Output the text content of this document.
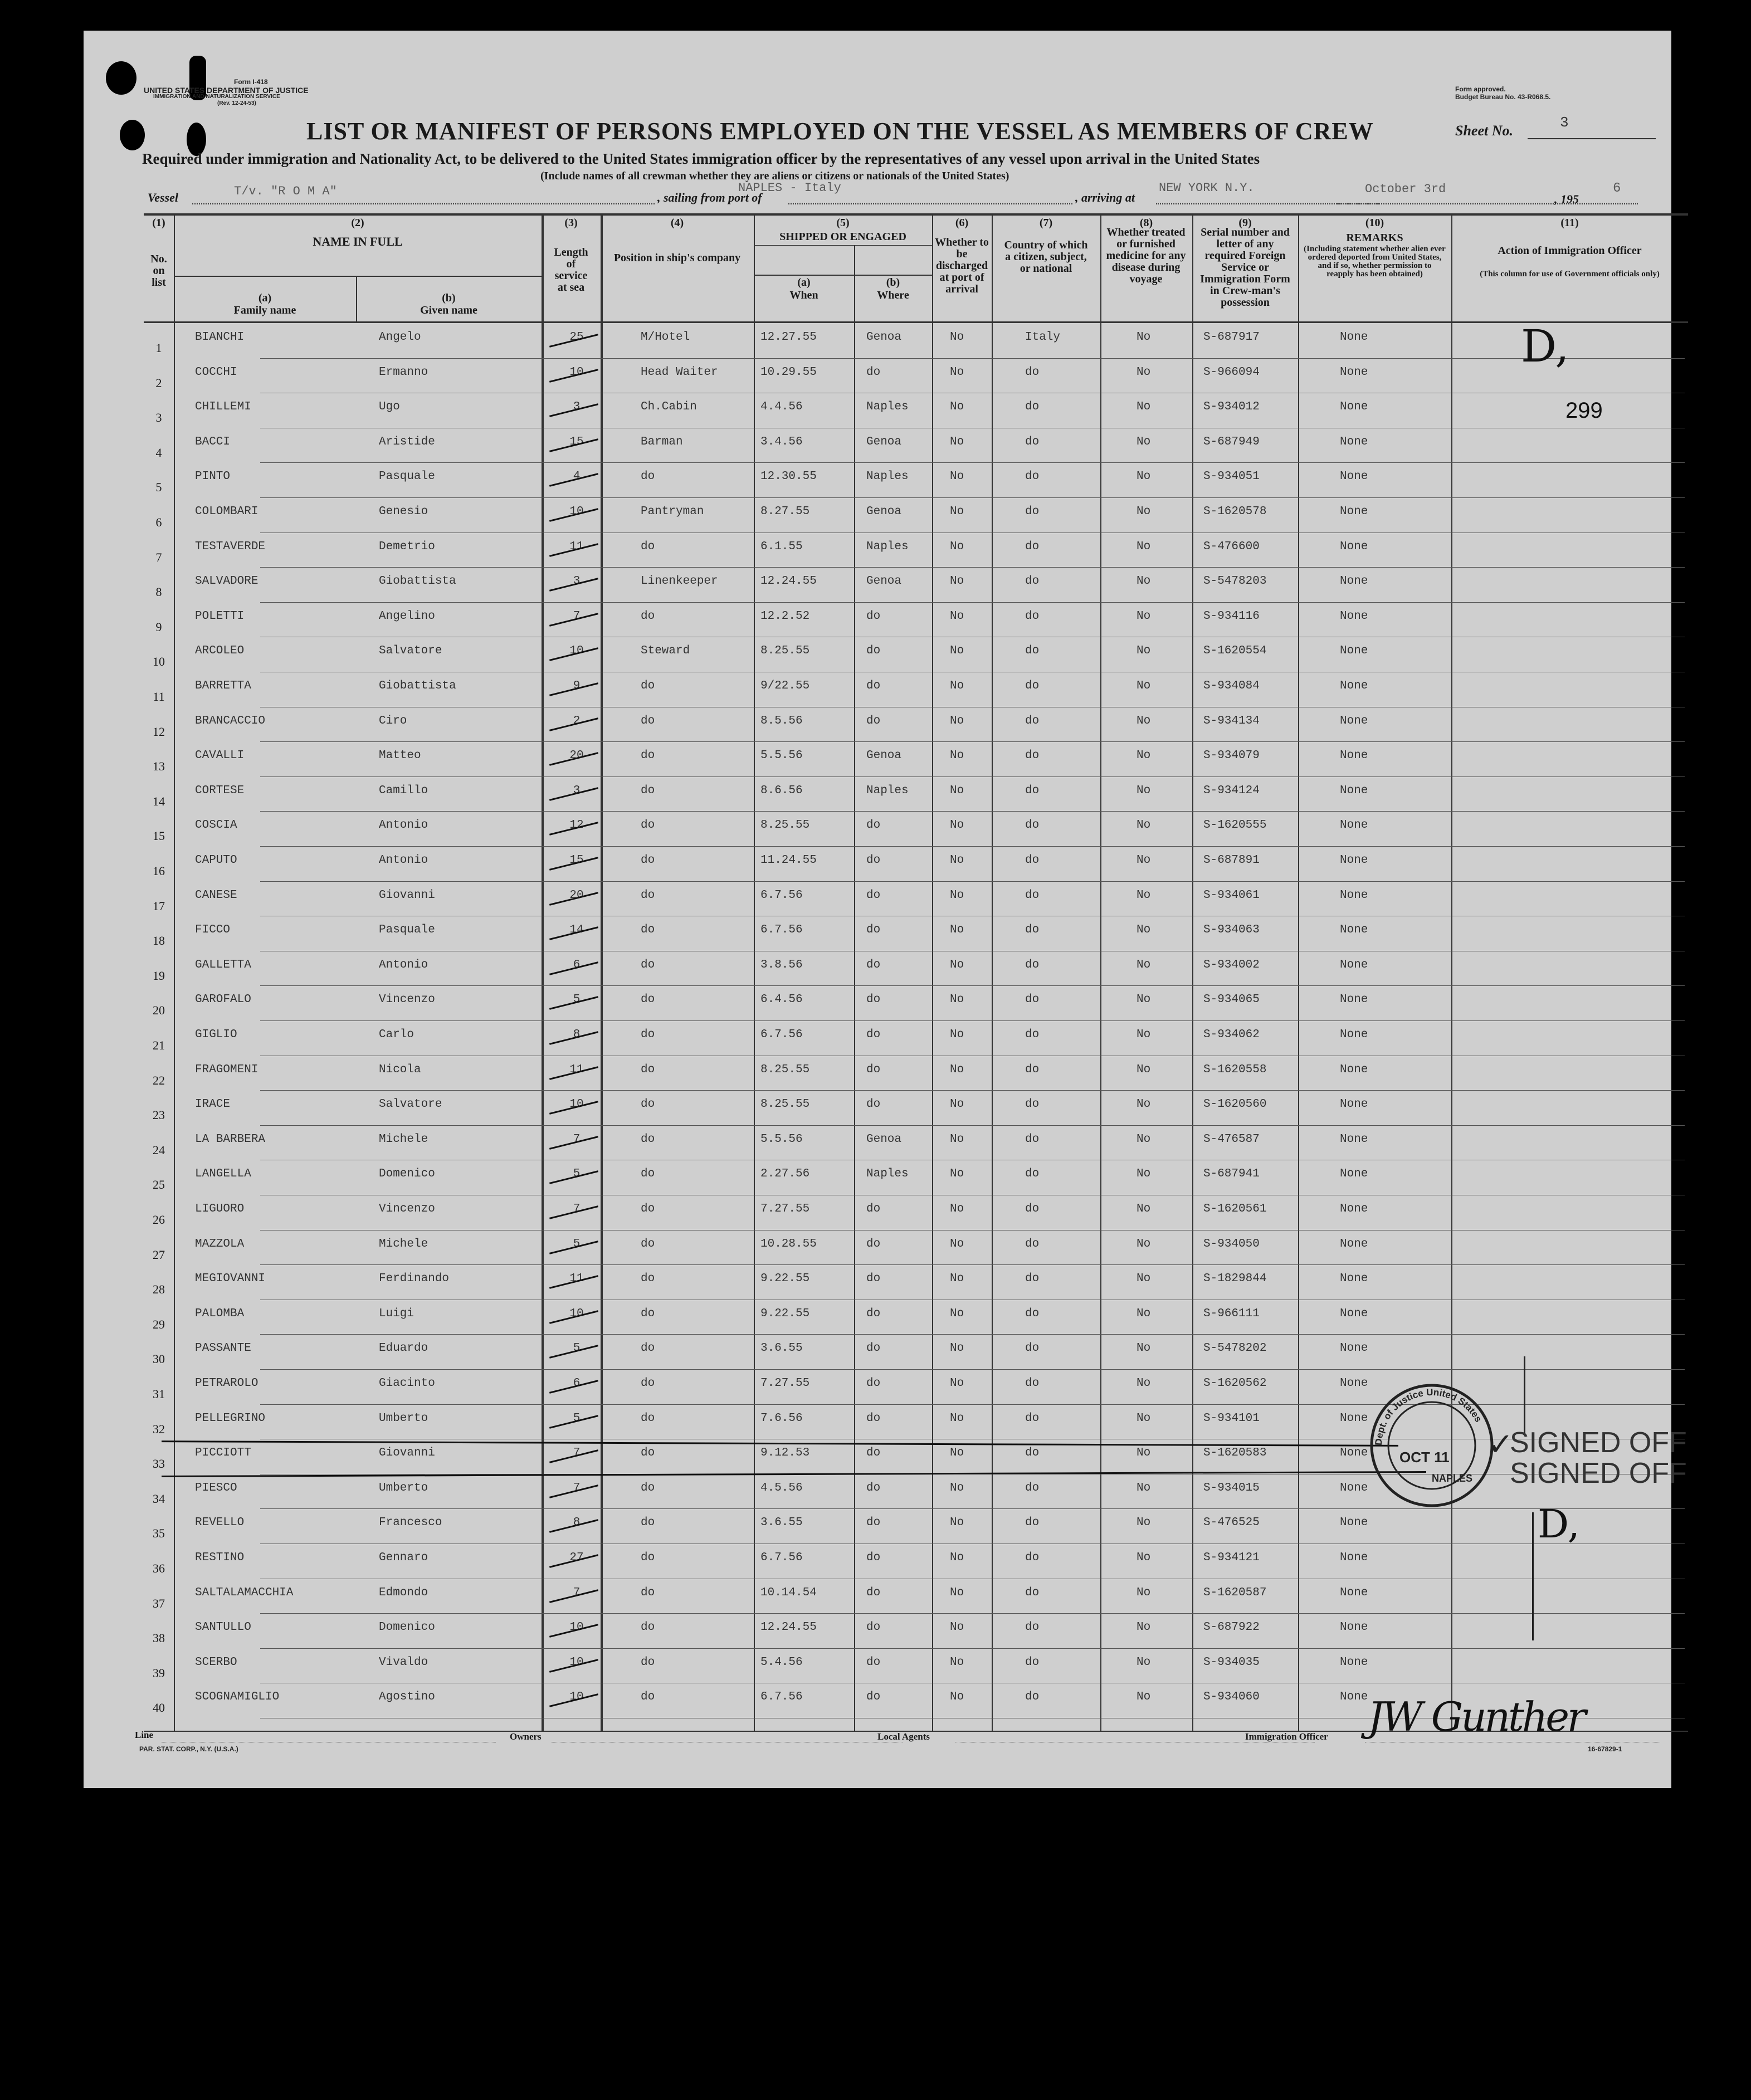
Form I-418
UNITED STATES DEPARTMENT OF JUSTICE
IMMIGRATION AND NATURALIZATION SERVICE
(Rev. 12-24-53)
Form approved.
Budget Bureau No. 43-R068.5.
LIST OR MANIFEST OF PERSONS EMPLOYED ON THE VESSEL AS MEMBERS OF CREW	Sheet No.	3
Required under immigration and Nationality Act, to be delivered to the United States immigration officer by the representatives of any vessel upon arrival in the United States
(Include names of all crewman whether they are aliens or citizens or nationals of the United States)
Vessel	T/v. "R O M A"	, sailing from port of
NAPLES - Italy
, arriving at
NEW YORK N.Y.	October 3rd
, 195
6
(1)
No. on list
(2)
NAME IN FULL
(a)
Family name
(b)
Given name
(3)
Length of service at sea
(4)
Position in ship's company
(5)
SHIPPED OR ENGAGED
(a)
When
(b)
Where
(6)
Whether to be discharged at port of arrival
(7)
Country of which a citizen, subject, or national
(8)
Whether treated or furnished medicine for any disease during voyage
(9)
Serial number and letter of any required Foreign Service or Immigration Form in Crew-man's possession
(10)
REMARKS
(Including statement whether alien ever ordered deported from United States, and if so, whether permission to reapply has been obtained)
(11)
Action of Immigration Officer
(This column for use of Government officials only)
1
BIANCHI	Angelo	25	M/Hotel	12.27.55	Genoa	No	Italy	No	S-687917	None
2
COCCHI	Ermanno	10	Head Waiter	10.29.55	do	No	do	No	S-966094	None
3
CHILLEMI	Ugo	3	Ch.Cabin	4.4.56	Naples	No	do	No	S-934012	None
4
BACCI	Aristide	15	Barman	3.4.56	Genoa	No	do	No	S-687949	None
5
PINTO	Pasquale	4	do	12.30.55	Naples	No	do	No	S-934051	None
6
COLOMBARI	Genesio	10	Pantryman	8.27.55	Genoa	No	do	No	S-1620578	None
7
TESTAVERDE	Demetrio	11	do	6.1.55	Naples	No	do	No	S-476600	None
8
SALVADORE	Giobattista	3	Linenkeeper	12.24.55	Genoa	No	do	No	S-5478203	None
9
POLETTI	Angelino	7	do	12.2.52	do	No	do	No	S-934116	None
10
ARCOLEO	Salvatore	10	Steward	8.25.55	do	No	do	No	S-1620554	None
11
BARRETTA	Giobattista	9	do	9/22.55	do	No	do	No	S-934084	None
12
BRANCACCIO	Ciro	2	do	8.5.56	do	No	do	No	S-934134	None
13
CAVALLI	Matteo	20	do	5.5.56	Genoa	No	do	No	S-934079	None
14
CORTESE	Camillo	3	do	8.6.56	Naples	No	do	No	S-934124	None
15
COSCIA	Antonio	12	do	8.25.55	do	No	do	No	S-1620555	None
16
CAPUTO	Antonio	15	do	11.24.55	do	No	do	No	S-687891	None
17
CANESE	Giovanni	20	do	6.7.56	do	No	do	No	S-934061	None
18
FICCO	Pasquale	14	do	6.7.56	do	No	do	No	S-934063	None
19
GALLETTA	Antonio	6	do	3.8.56	do	No	do	No	S-934002	None
20
GAROFALO	Vincenzo	5	do	6.4.56	do	No	do	No	S-934065	None
21
GIGLIO	Carlo	8	do	6.7.56	do	No	do	No	S-934062	None
22
FRAGOMENI	Nicola	11	do	8.25.55	do	No	do	No	S-1620558	None
23
IRACE	Salvatore	10	do	8.25.55	do	No	do	No	S-1620560	None
24
LA BARBERA	Michele	7	do	5.5.56	Genoa	No	do	No	S-476587	None
25
LANGELLA	Domenico	5	do	2.27.56	Naples	No	do	No	S-687941	None
26
LIGUORO	Vincenzo	7	do	7.27.55	do	No	do	No	S-1620561	None
27
MAZZOLA	Michele	5	do	10.28.55	do	No	do	No	S-934050	None
28
MEGIOVANNI	Ferdinando	11	do	9.22.55	do	No	do	No	S-1829844	None
29
PALOMBA	Luigi	10	do	9.22.55	do	No	do	No	S-966111	None
30
PASSANTE	Eduardo	5	do	3.6.55	do	No	do	No	S-5478202	None
31
PETRAROLO	Giacinto	6	do	7.27.55	do	No	do	No	S-1620562	None
32
PELLEGRINO	Umberto	5	do	7.6.56	do	No	do	No	S-934101	None
33
PICCIOTT	Giovanni	7	do	9.12.53	do	No	do	No	S-1620583	None
34
PIESCO	Umberto	7	do	4.5.56	do	No	do	No	S-934015	None
35
REVELLO	Francesco	8	do	3.6.55	do	No	do	No	S-476525	None
36
RESTINO	Gennaro	27	do	6.7.56	do	No	do	No	S-934121	None
37
SALTALAMACCHIA	Edmondo	7	do	10.14.54	do	No	do	No	S-1620587	None
38
SANTULLO	Domenico	10	do	12.24.55	do	No	do	No	S-687922	None
39
SCERBO	Vivaldo	10	do	5.4.56	do	No	do	No	S-934035	None
40
SCOGNAMIGLIO	Agostino	10	do	6.7.56	do	No	do	No	S-934060	None
D,
299
D,
SIGNED OFF
SIGNED OFF
✓
Dept. of Justice United States
OCT 11
NAPLES
Line	Owners	Local Agents	Immigration Officer
PAR. STAT. CORP., N.Y. (U.S.A.)	16-67829-1
JW Gunther
